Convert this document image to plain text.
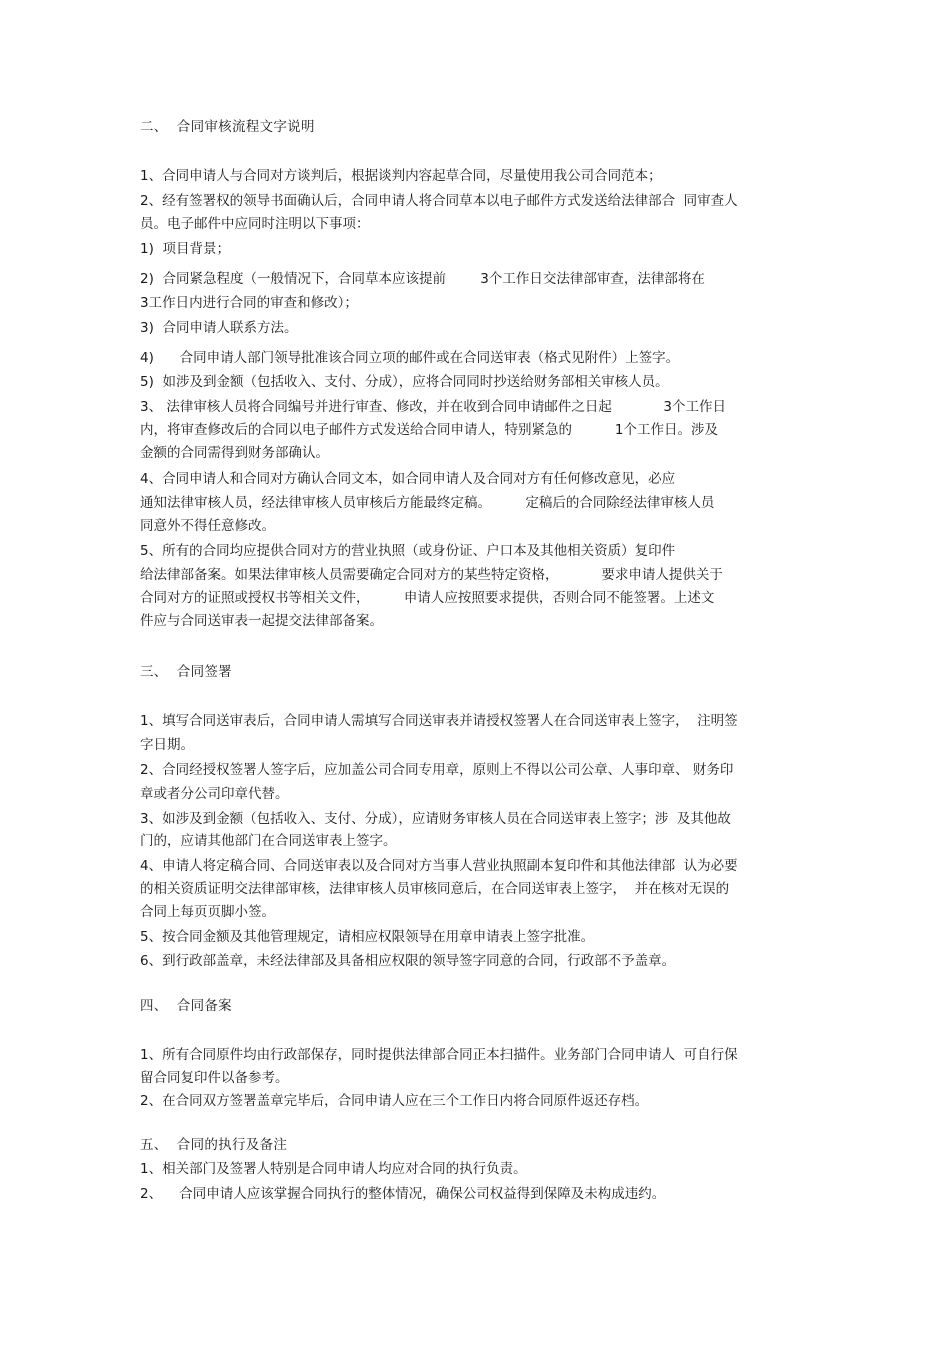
二、  合同审核流程文字说明
1、合同申请人与合同对方谈判后，根据谈判内容起草合同，尽量使用我公司合同范本；
2、经有签署权的领导书面确认后，合同申请人将合同草本以电子邮件方式发送给法律部合  同审查人
员。电子邮件中应同时注明以下事项：
1)  项目背景；
2)  合同紧急程度（一般情况下，合同草本应该提前        3个工作日交法律部审查，法律部将在
3工作日内进行合同的审查和修改）；
3)  合同申请人联系方法。
4)      合同申请人部门领导批准该合同立项的邮件或在合同送审表（格式见附件）上签字。
5)  如涉及到金额（包括收入、支付、分成），应将合同同时抄送给财务部相关审核人员。
3、 法律审核人员将合同编号并进行审查、修改，并在收到合同申请邮件之日起            3个工作日
内，将审查修改后的合同以电子邮件方式发送给合同申请人，特别紧急的          1个工作日。涉及
金额的合同需得到财务部确认。
4、合同申请人和合同对方确认合同文本，如合同申请人及合同对方有任何修改意见，必应
通知法律审核人员，经法律审核人员审核后方能最终定稿。        定稿后的合同除经法律审核人员
同意外不得任意修改。
5、所有的合同均应提供合同对方的营业执照（或身份证、户口本及其他相关资质）复印件
给法律部备案。如果法律审核人员需要确定合同对方的某些特定资格，          要求申请人提供关于
合同对方的证照或授权书等相关文件，        申请人应按照要求提供，否则合同不能签署。上述文
件应与合同送审表一起提交法律部备案。
三、  合同签署
1、填写合同送审表后，合同申请人需填写合同送审表并请授权签署人在合同送审表上签字，  注明签
字日期。
2、合同经授权签署人签字后，应加盖公司合同专用章，原则上不得以公司公章、人事印章、 财务印
章或者分公司印章代替。
3、如涉及到金额（包括收入、支付、分成），应请财务审核人员在合同送审表上签字；涉  及其他故
门的，应请其他部门在合同送审表上签字。
4、申请人将定稿合同、合同送审表以及合同对方当事人营业执照副本复印件和其他法律部  认为必要
的相关资质证明交法律部审核，法律审核人员审核同意后，在合同送审表上签字，  并在核对无误的
合同上每页页脚小签。
5、按合同金额及其他管理规定，请相应权限领导在用章申请表上签字批准。
6、到行政部盖章，未经法律部及具备相应权限的领导签字同意的合同，行政部不予盖章。
四、  合同备案
1、所有合同原件均由行政部保存，同时提供法律部合同正本扫描件。业务部门合同申请人  可自行保
留合同复印件以备参考。
2、在合同双方签署盖章完毕后，合同申请人应在三个工作日内将合同原件返还存档。
五、  合同的执行及备注
1、相关部门及签署人特别是合同申请人均应对合同的执行负责。
2、    合同申请人应该掌握合同执行的整体情况，确保公司权益得到保障及未构成违约。
